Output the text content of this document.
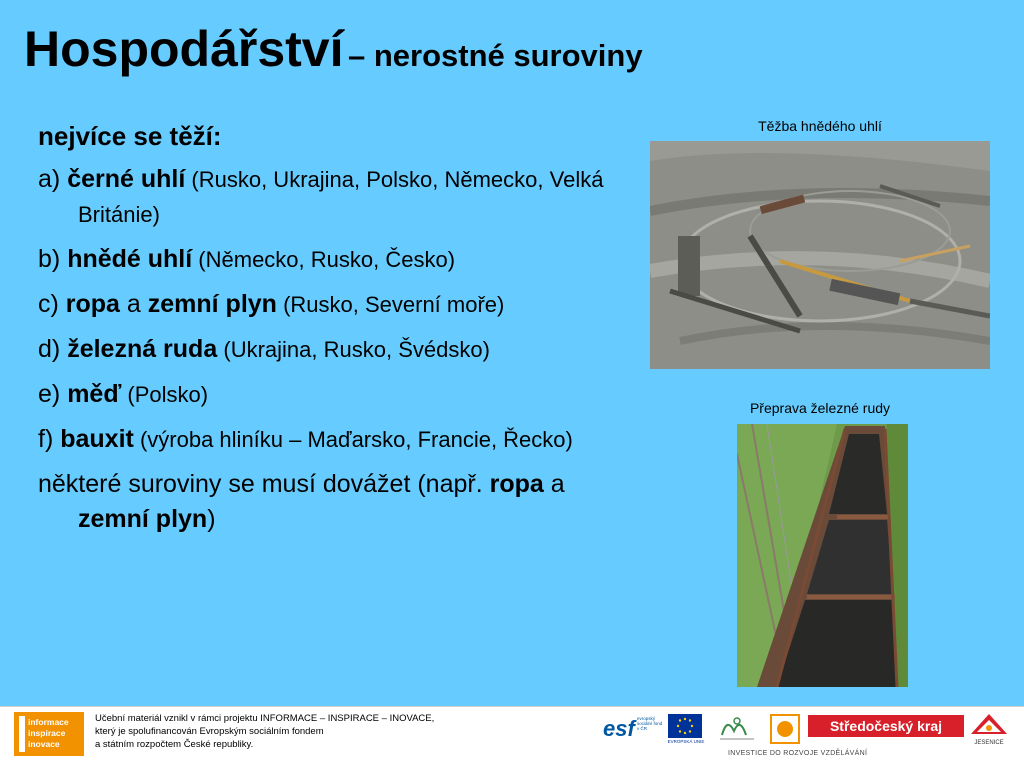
Hospodářství – nerostné suroviny
nejvíce se těží:
a) černé uhlí (Rusko, Ukrajina, Polsko, Německo, Velká Británie)
b) hnědé uhlí (Německo, Rusko, Česko)
c) ropa a zemní plyn (Rusko, Severní moře)
d) železná ruda (Ukrajina, Rusko, Švédsko)
e) měď (Polsko)
f) bauxit (výroba hliníku – Maďarsko, Francie, Řecko)
některé suroviny se musí dovážet (např. ropa a zemní plyn)
Těžba hnědého uhlí
Přeprava železné rudy
informace
inspirace
inovace
Učební materiál vznikl v rámci projektu INFORMACE – INSPIRACE – INOVACE,
který je spolufinancován Evropským sociálním fondem
a státním rozpočtem České republiky.
esf evropský sociální fond v ČR
EVROPSKÁ UNIE
Středočeský kraj
JESENICE
INVESTICE DO ROZVOJE VZDĚLÁVÁNÍ
